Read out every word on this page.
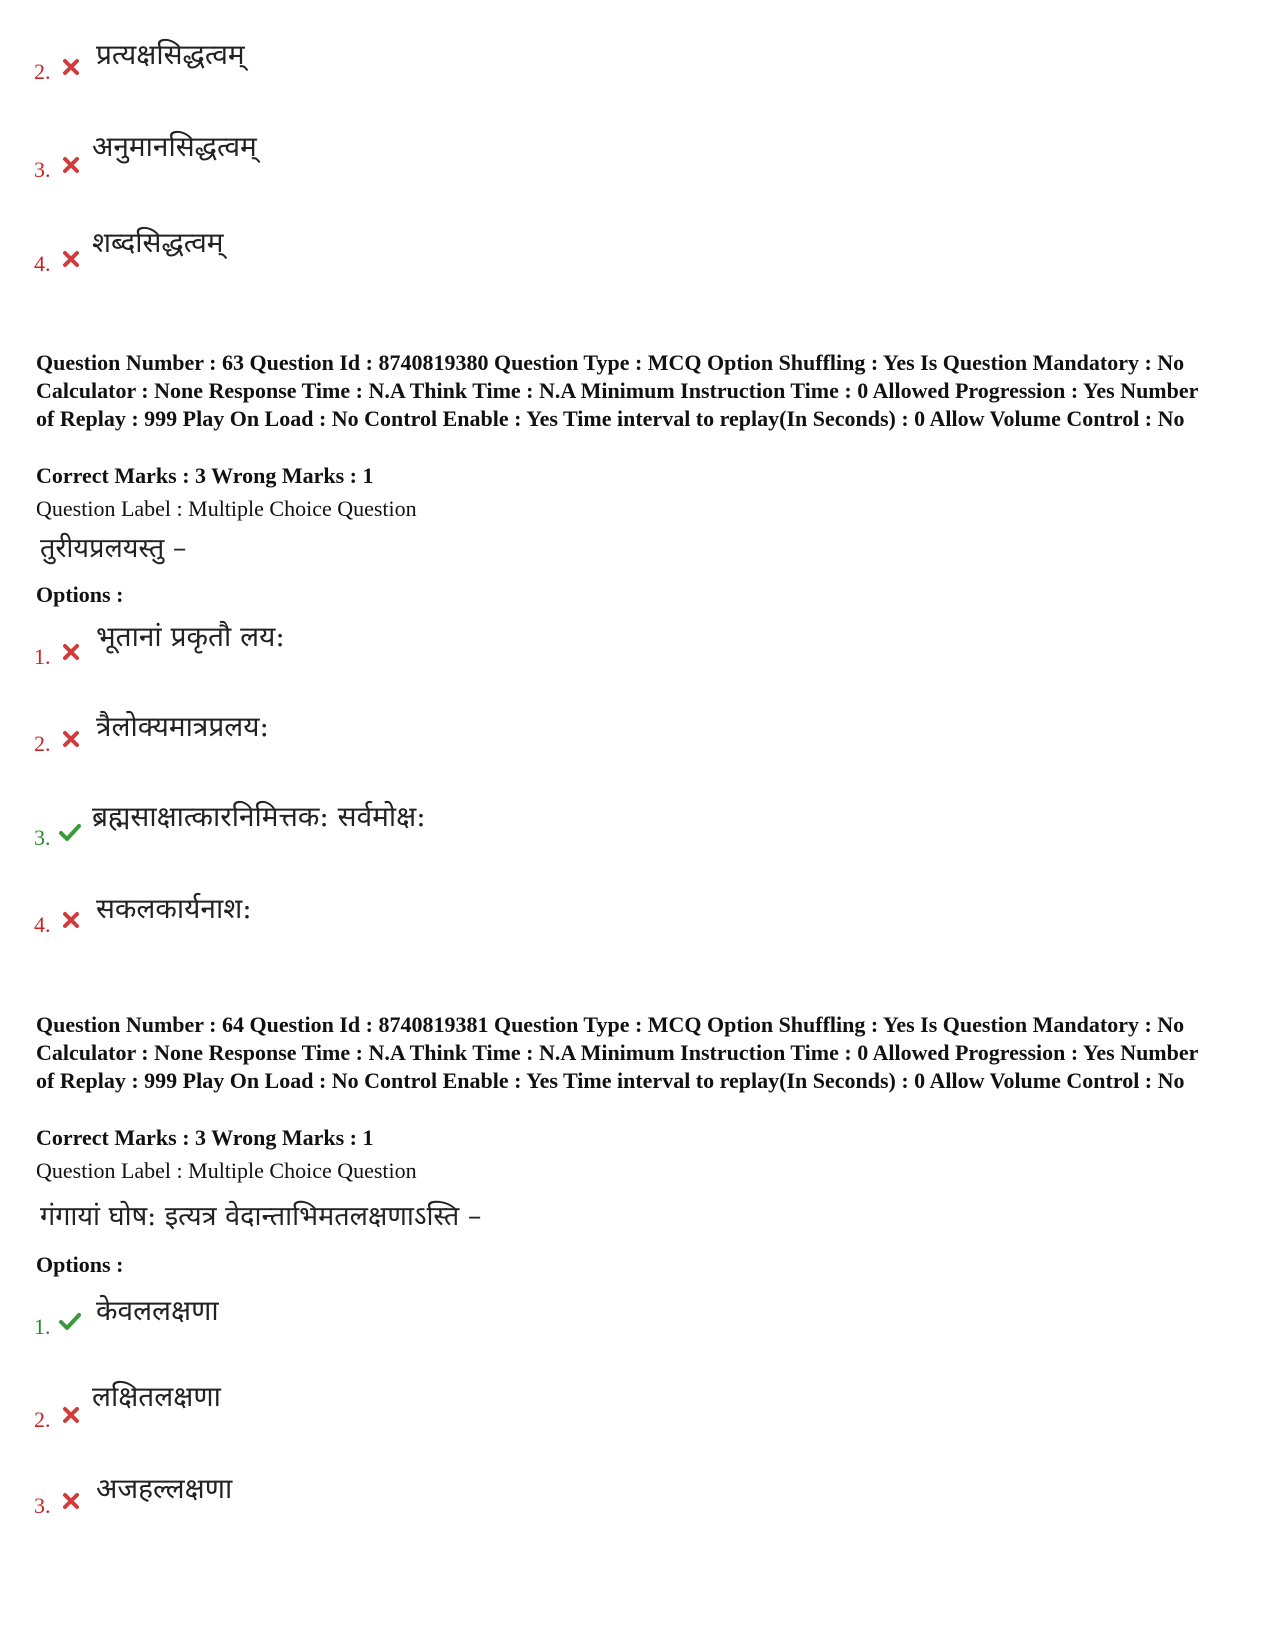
2.
प्रत्यक्षसिद्धत्वम्
3.
अनुमानसिद्धत्वम्
4.
शब्दसिद्धत्वम्
Question Number : 63 Question Id : 8740819380 Question Type : MCQ Option Shuffling : Yes Is Question Mandatory : No Calculator : None Response Time : N.A Think Time : N.A Minimum Instruction Time : 0 Allowed Progression : Yes Number of Replay : 999 Play On Load : No Control Enable : Yes Time interval to replay(In Seconds) : 0 Allow Volume Control : No
Correct Marks : 3 Wrong Marks : 1
Question Label : Multiple Choice Question
तुरीयप्रलयस्तु –
Options :
1.
भूतानां प्रकृतौ लय:
2.
त्रैलोक्यमात्रप्रलय:
3.
ब्रह्मसाक्षात्कारनिमित्तक: सर्वमोक्ष:
4. सकलकार्यनाश:
Question Number : 64 Question Id : 8740819381 Question Type : MCQ Option Shuffling : Yes Is Question Mandatory : No Calculator : None Response Time : N.A Think Time : N.A Minimum Instruction Time : 0 Allowed Progression : Yes Number of Replay : 999 Play On Load : No Control Enable : Yes Time interval to replay(In Seconds) : 0 Allow Volume Control : No
Correct Marks : 3 Wrong Marks : 1
Question Label : Multiple Choice Question
गंगायां घोष: इत्यत्र वेदान्ताभिमतलक्षणाऽस्ति –
Options :
1. केवललक्षणा
2.
लक्षितलक्षणा
3.
अजहल्लक्षणा
